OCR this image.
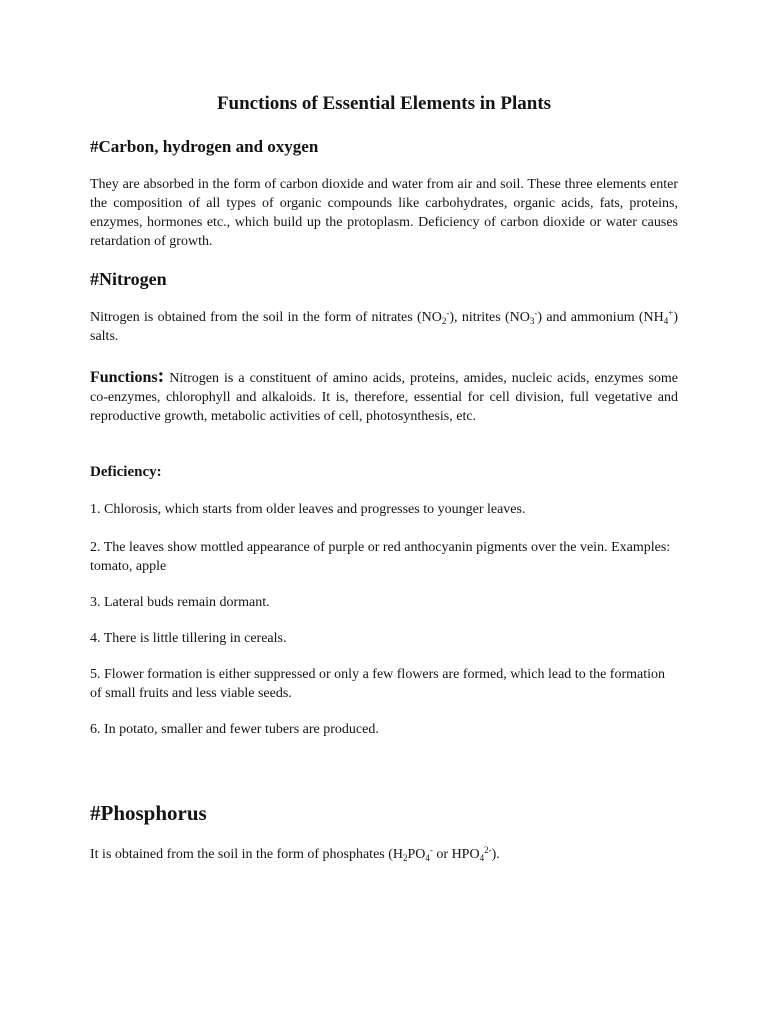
Functions of Essential Elements in Plants
#Carbon, hydrogen and oxygen

They are absorbed in the form of carbon dioxide and water from air and soil. These three elements enter the composition of all types of organic compounds like carbohydrates, organic acids, fats, proteins, enzymes, hormones etc., which build up the protoplasm. Deficiency of carbon dioxide or water causes retardation of growth.

#Nitrogen

Nitrogen is obtained from the soil in the form of nitrates $(NO_2^-)$, nitrites $(NO_3^-)$ and ammonium $(NH_4^+)$ salts.

Functions: Nitrogen is a constituent of amino acids, proteins, amides, nucleic acids, enzymes some co-enzymes, chlorophyll and alkaloids. It is, therefore, essential for cell division, full vegetative and reproductive growth, metabolic activities of cell, photosynthesis, etc.

Deficiency:

1. Chlorosis, which starts from older leaves and progresses to younger leaves.

2. The leaves show mottled appearance of purple or red anthocyanin pigments over the vein. Examples: tomato, apple

3. Lateral buds remain dormant.

4. There is little tillering in cereals.

5. Flower formation is either suppressed or only a few flowers are formed, which lead to the formation of small fruits and less viable seeds.

6. In potato, smaller and fewer tubers are produced.

#Phosphorus

It is obtained from the soil in the form of phosphates ($H_2PO_4^-$ or $HPO_4^{2-}$).
